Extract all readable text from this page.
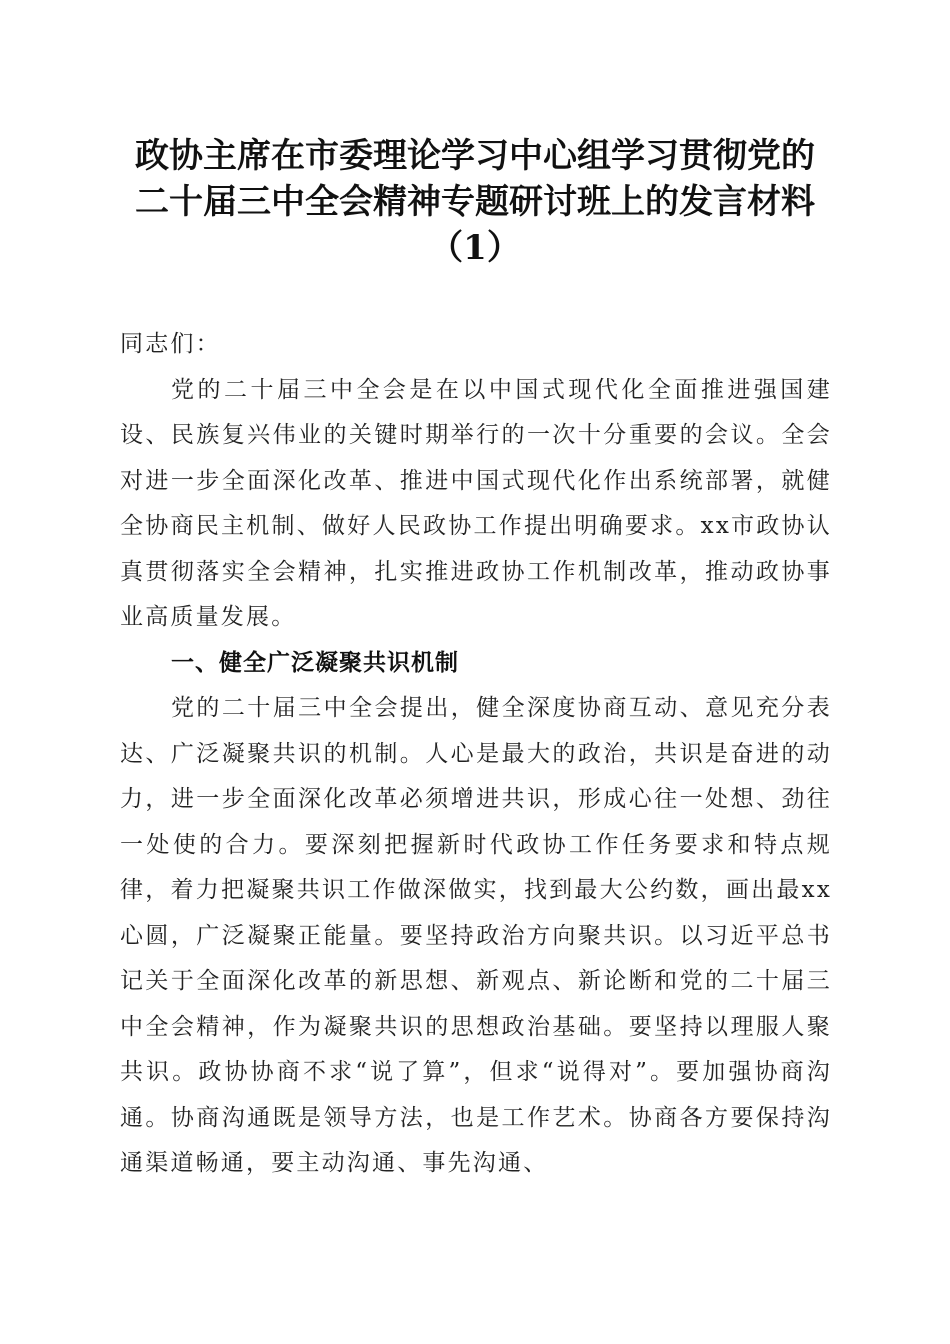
政协主席在市委理论学习中心组学习贯彻党的
二十届三中全会精神专题研讨班上的发言材料
（1）

同志们：

党的二十届三中全会是在以中国式现代化全面推进强国建设、民族复兴伟业的关键时期举行的一次十分重要的会议。全会对进一步全面深化改革、推进中国式现代化作出系统部署，就健全协商民主机制、做好人民政协工作提出明确要求。xx市政协认真贯彻落实全会精神，扎实推进政协工作机制改革，推动政协事业高质量发展。

一、健全广泛凝聚共识机制

党的二十届三中全会提出，健全深度协商互动、意见充分表达、广泛凝聚共识的机制。人心是最大的政治，共识是奋进的动力，进一步全面深化改革必须增进共识，形成心往一处想、劲往一处使的合力。要深刻把握新时代政协工作任务要求和特点规律，着力把凝聚共识工作做深做实，找到最大公约数，画出最xx心圆，广泛凝聚正能量。要坚持政治方向聚共识。以习近平总书记关于全面深化改革的新思想、新观点、新论断和党的二十届三中全会精神，作为凝聚共识的思想政治基础。要坚持以理服人聚共识。政协协商不求“说了算”，但求“说得对”。要加强协商沟通。协商沟通既是领导方法，也是工作艺术。协商各方要保持沟通渠道畅通，要主动沟通、事先沟通、
